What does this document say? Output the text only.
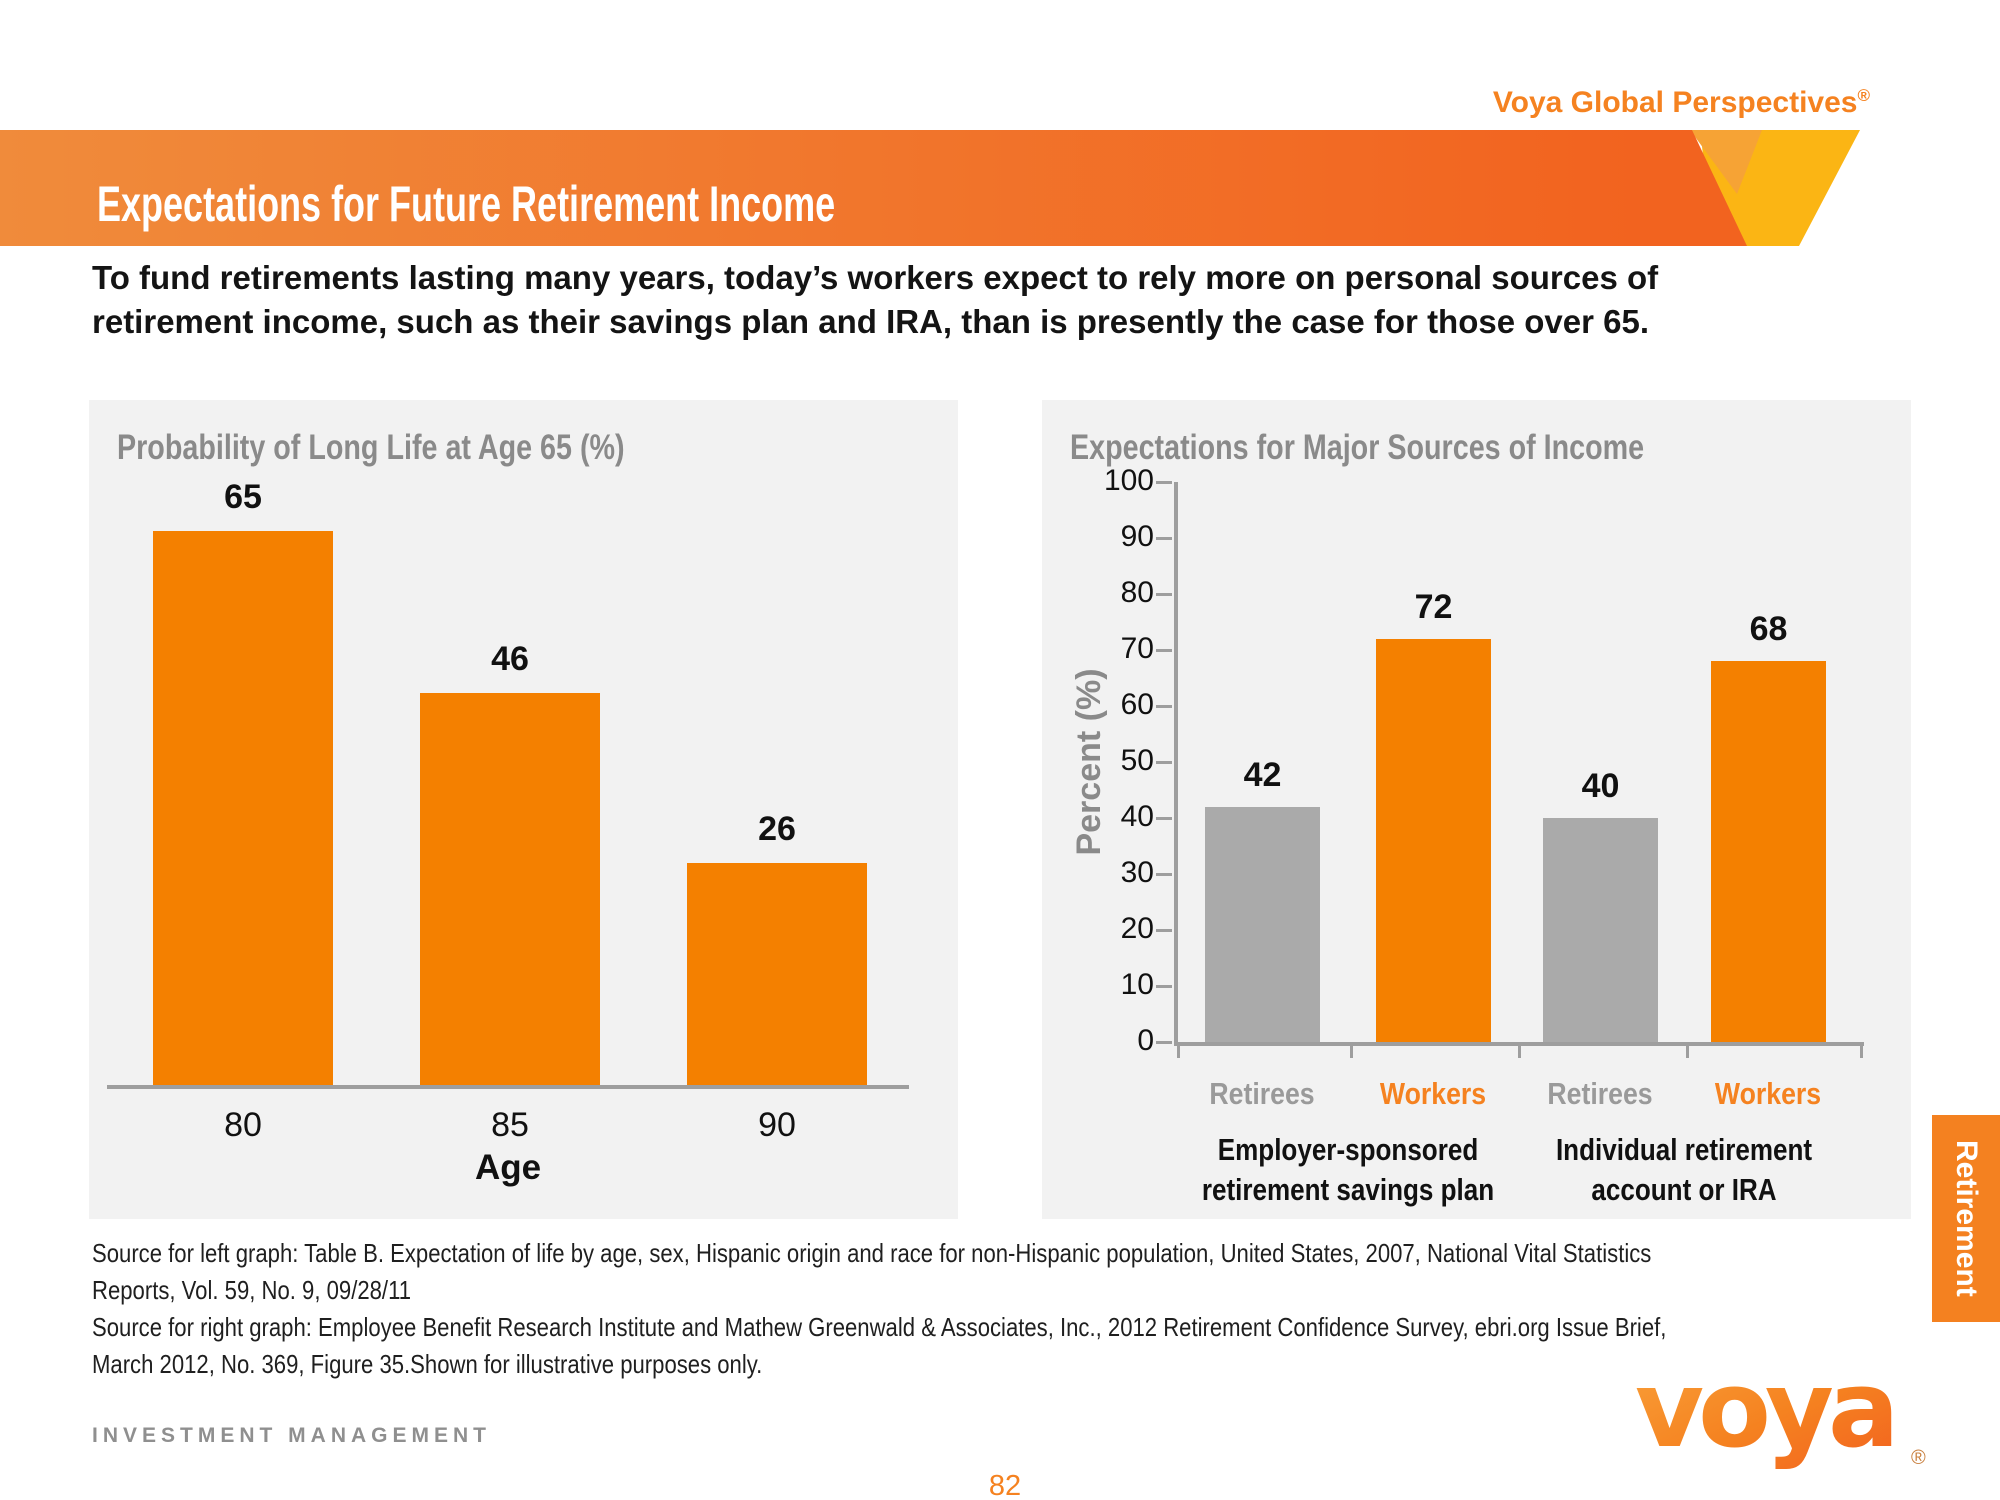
Voya Global Perspectives®
Expectations for Future Retirement Income
To fund retirements lasting many years, today’s workers expect to rely more on personal sources of
retirement income, such as their savings plan and IRA, than is presently the case for those over 65.
Probability of Long Life at Age 65 (%)
65
46
26
Age
80	85	90
Expectations for Major Sources of Income
Percent (%)	42
72
40
68
0
10
20
30
40
50
60
70
80
90
100
Retirees	Workers	Retirees	Workers
Employer-sponsored
retirement savings plan
Individual retirement
account or IRA
Source for left graph: Table B. Expectation of life by age, sex, Hispanic origin and race for non-Hispanic population, United States, 2007, National Vital Statistics
Reports, Vol. 59, No. 9, 09/28/11
Source for right graph: Employee Benefit Research Institute and Mathew Greenwald & Associates, Inc., 2012 Retirement Confidence Survey, ebri.org Issue Brief,
March 2012, No. 369, Figure 35.Shown for illustrative purposes only.
Retirement
INVESTMENT MANAGEMENT
82
voya ®
